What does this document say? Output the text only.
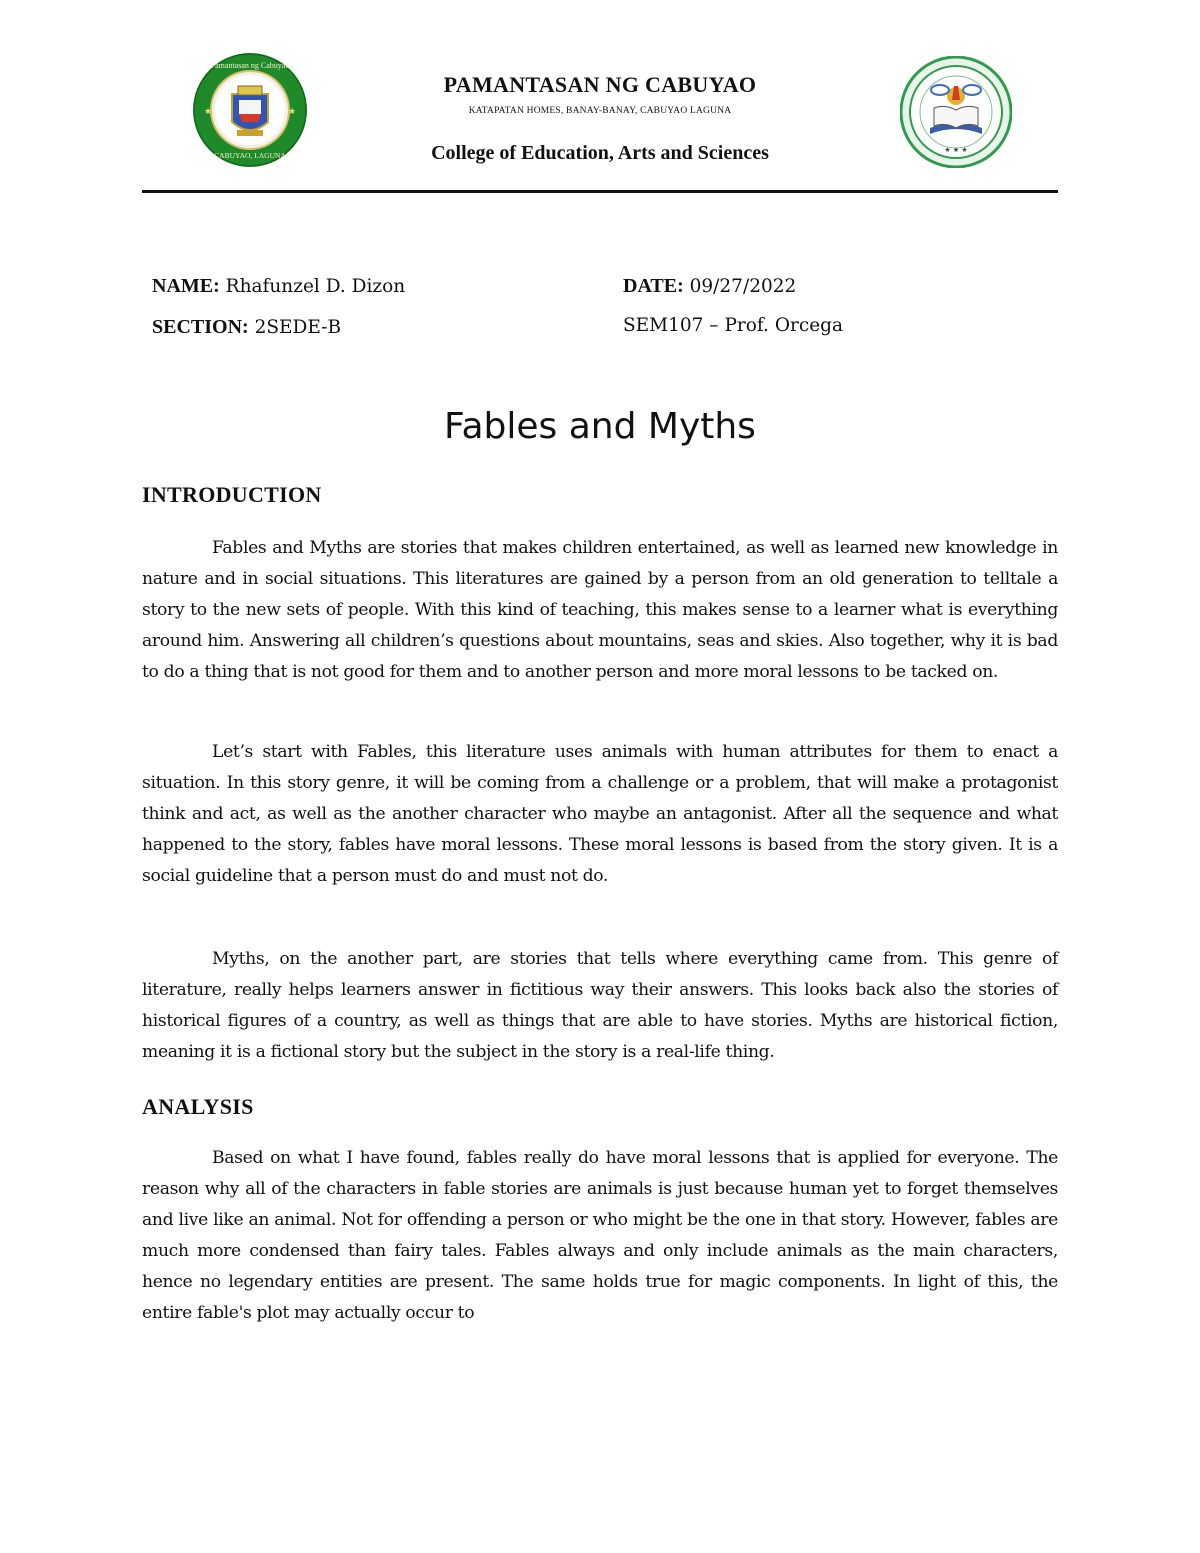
Pamantasan ng Cabuyao
CABUYAO, LAGUNA
★	★
PAMANTASAN NG CABUYAO
KATAPATAN HOMES, BANAY-BANAY, CABUYAO LAGUNA
College of Education, Arts and Sciences	★ ★ ★
NAME: Rhafunzel D. Dizon
SECTION: 2SEDE-B
DATE: 09/27/2022
SEM107 – Prof. Orcega
Fables and Myths
INTRODUCTION

Fables and Myths are stories that makes children entertained, as well as learned new knowledge in nature and in social situations. This literatures are gained by a person from an old generation to telltale a story to the new sets of people. With this kind of teaching, this makes sense to a learner what is everything around him. Answering all children’s questions about mountains, seas and skies. Also together, why it is bad to do a thing that is not good for them and to another person and more moral lessons to be tacked on.

Let’s start with Fables, this literature uses animals with human attributes for them to enact a situation. In this story genre, it will be coming from a challenge or a problem, that will make a protagonist think and act, as well as the another character who maybe an antagonist. After all the sequence and what happened to the story, fables have moral lessons. These moral lessons is based from the story given. It is a social guideline that a person must do and must not do.

Myths, on the another part, are stories that tells where everything came from. This genre of literature, really helps learners answer in fictitious way their answers. This looks back also the stories of historical figures of a country, as well as things that are able to have stories. Myths are historical fiction, meaning it is a fictional story but the subject in the story is a real-life thing.

ANALYSIS

Based on what I have found, fables really do have moral lessons that is applied for everyone. The reason why all of the characters in fable stories are animals is just because human yet to forget themselves and live like an animal. Not for offending a person or who might be the one in that story. However, fables are much more condensed than fairy tales. Fables always and only include animals as the main characters, hence no legendary entities are present. The same holds true for magic components. In light of this, the entire fable's plot may actually occur to
